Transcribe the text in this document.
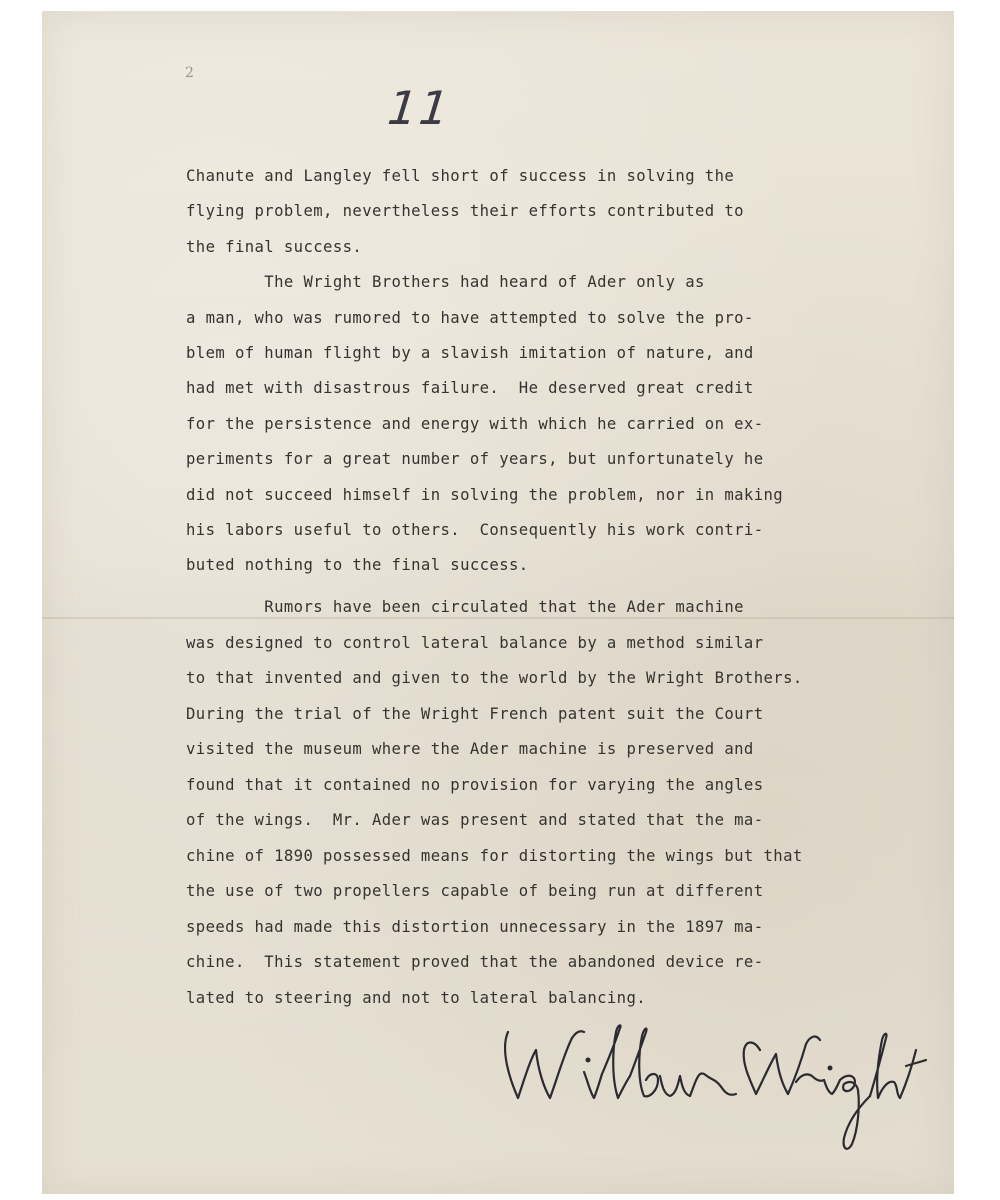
2
11
Chanute and Langley fell short of success in solving the
flying problem, nevertheless their efforts contributed to
the final success.
The Wright Brothers had heard of Ader only as
a man, who was rumored to have attempted to solve the pro-
blem of human flight by a slavish imitation of nature, and
had met with disastrous failure.  He deserved great credit
for the persistence and energy with which he carried on ex-
periments for a great number of years, but unfortunately he
did not succeed himself in solving the problem, nor in making
his labors useful to others.  Consequently his work contri-
buted nothing to the final success.
Rumors have been circulated that the Ader machine
was designed to control lateral balance by a method similar
to that invented and given to the world by the Wright Brothers.
During the trial of the Wright French patent suit the Court
visited the museum where the Ader machine is preserved and
found that it contained no provision for varying the angles
of the wings.  Mr. Ader was present and stated that the ma-
chine of 1890 possessed means for distorting the wings but that
the use of two propellers capable of being run at different
speeds had made this distortion unnecessary in the 1897 ma-
chine.  This statement proved that the abandoned device re-
lated to steering and not to lateral balancing.
